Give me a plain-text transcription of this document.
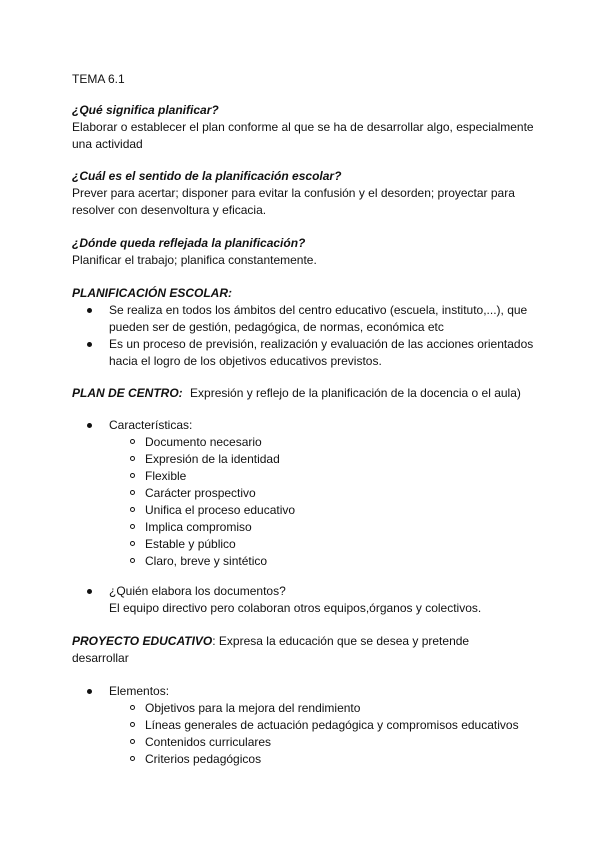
TEMA 6.1
¿Qué significa planificar?
Elaborar o establecer el plan conforme al que se ha de desarrollar algo, especialmente una actividad
¿Cuál es el sentido de la planificación escolar?
Prever para acertar; disponer para evitar la confusión y el desorden; proyectar para resolver con desenvoltura y eficacia.
¿Dónde queda reflejada la planificación?
Planificar el trabajo; planifica constantemente.
PLANIFICACIÓN ESCOLAR:
Se realiza en todos los ámbitos del centro educativo (escuela, instituto,...), que pueden ser de gestión, pedagógica, de normas, económica etc
Es un proceso de previsión, realización y evaluación de las acciones orientados hacia el logro de los objetivos educativos previstos.
PLAN DE CENTRO: Expresión y reflejo de la planificación de la docencia o el aula)
Características:
Documento necesario
Expresión de la identidad
Flexible
Carácter prospectivo
Unifica el proceso educativo
Implica compromiso
Estable y público
Claro, breve y sintético
¿Quién elabora los documentos?
El equipo directivo pero colaboran otros equipos,órganos y colectivos.
PROYECTO EDUCATIVO: Expresa la educación que se desea y pretende desarrollar
Elementos:
Objetivos para la mejora del rendimiento
Líneas generales de actuación pedagógica y compromisos educativos
Contenidos curriculares
Criterios pedagógicos
